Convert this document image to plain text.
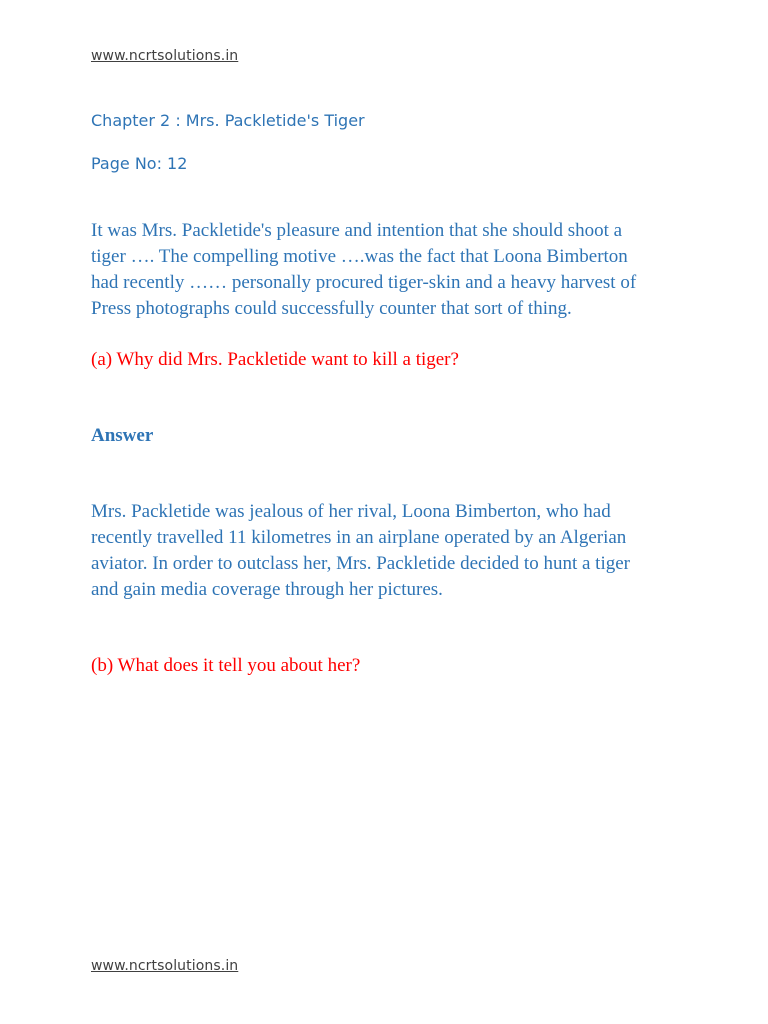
www.ncrtsolutions.in
Chapter 2 : Mrs. Packletide's Tiger
Page No: 12
It was Mrs. Packletide's pleasure and intention that she should shoot a
tiger …. The compelling motive ….was the fact that Loona Bimberton
had recently …… personally procured tiger-skin and a heavy harvest of
Press photographs could successfully counter that sort of thing.
(a) Why did Mrs. Packletide want to kill a tiger?
Answer
Mrs. Packletide was jealous of her rival, Loona Bimberton, who had
recently travelled 11 kilometres in an airplane operated by an Algerian
aviator. In order to outclass her, Mrs. Packletide decided to hunt a tiger
and gain media coverage through her pictures.
(b) What does it tell you about her?
www.ncrtsolutions.in
